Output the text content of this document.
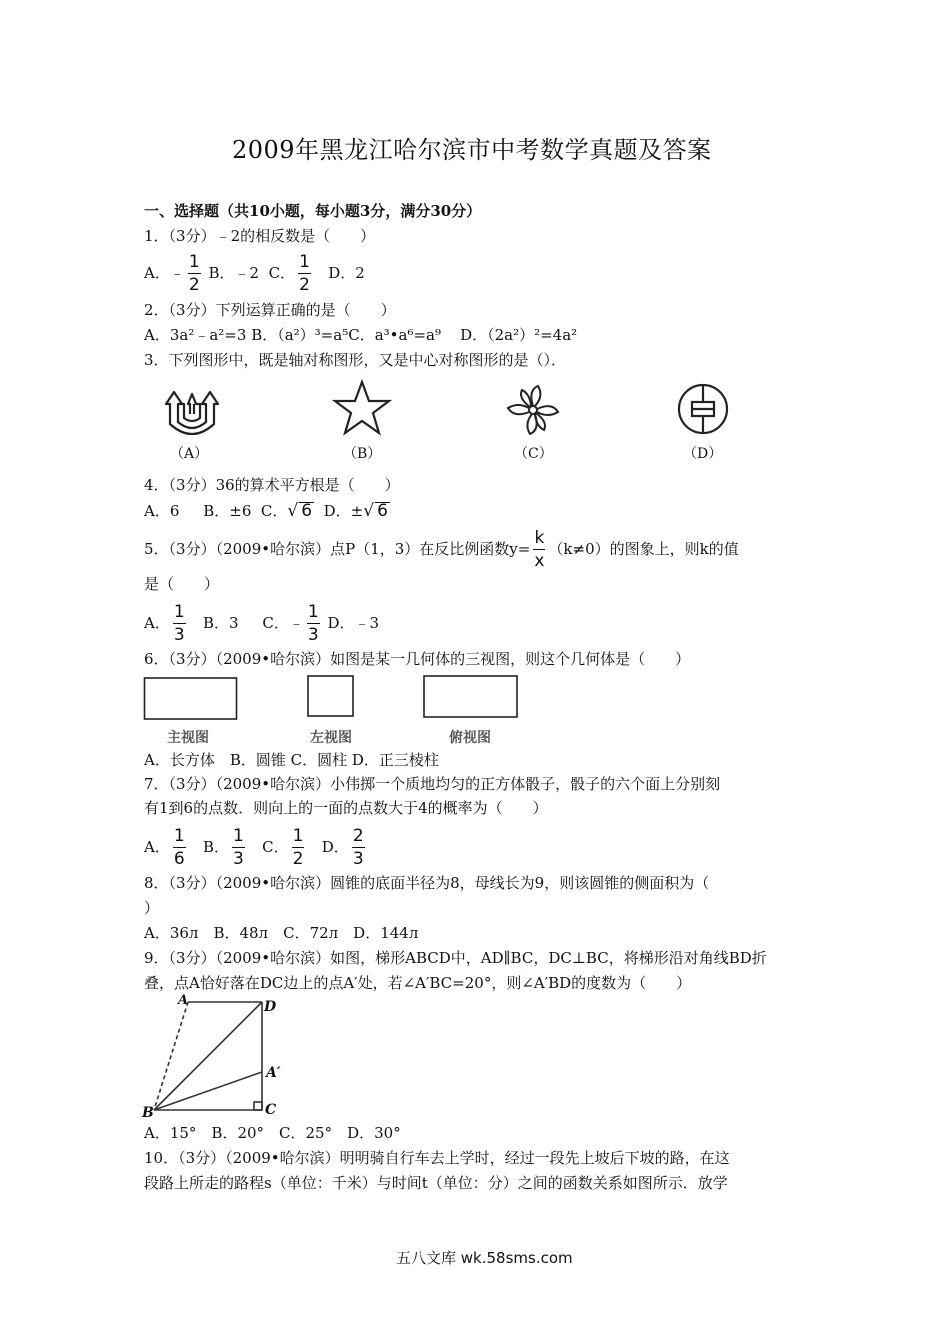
2009年黑龙江哈尔滨市中考数学真题及答案
一、选择题（共10小题，每小题3分，满分30分）
1．（3分）﹣2的相反数是（　　）
A．﹣ $\frac{1}{2}$ B．﹣2 C． $\frac{1}{2}$ D．2
2．（3分）下列运算正确的是（　　）
A．3a²﹣a²=3 B．（a²）³=a⁵C．a³•a⁶=a⁹ D．（2a²）²=4a²
3．下列图形中，既是轴对称图形，又是中心对称图形的是（）．
（A）	（B）	（C）	（D）
4．（3分）36的算术平方根是（　　）
A．6 B．±6 C．√ 6 D．±√ 6
5．（3分）（2009•哈尔滨）点P（1，3）在反比例函数$y= \frac{k}{x} (k\ne 0)$的图象上，则k的值
是（　　）
A． $\frac{1}{3}$ B．3 C．﹣ $\frac{1}{3}$ D．﹣3
6．（3分）（2009•哈尔滨）如图是某一几何体的三视图，则这个几何体是（　　）
主视图	左视图	俯视图
A．长方体　B．圆锥 C．圆柱 D．正三棱柱
7．（3分）（2009•哈尔滨）小伟掷一个质地均匀的正方体骰子，骰子的六个面上分别刻
有1到6的点数．则向上的一面的点数大于4的概率为（　　）
A． $\frac{1}{6}$ B． $\frac{1}{3}$ C． $\frac{1}{2}$ D． $\frac{2}{3}$
8．（3分）（2009•哈尔滨）圆锥的底面半径为8，母线长为9，则该圆锥的侧面积为（
）
A．36л　B．48л　C．72л　D．144л
9．（3分）（2009•哈尔滨）如图，梯形ABCD中，AD∥BC，DC⊥BC，将梯形沿对角线BD折
叠，点A恰好落在DC边上的点A′处，若∠A′BC=20°，则∠A′BD的度数为（　　）
A	D
A′
B	C
A．15°　B．20°　C．25°　D．30°
10．（3分）（2009•哈尔滨）明明骑自行车去上学时，经过一段先上坡后下坡的路，在这
段路上所走的路程s（单位：千米）与时间t（单位：分）之间的函数关系如图所示．放学
五八文库 wk.58sms.com
